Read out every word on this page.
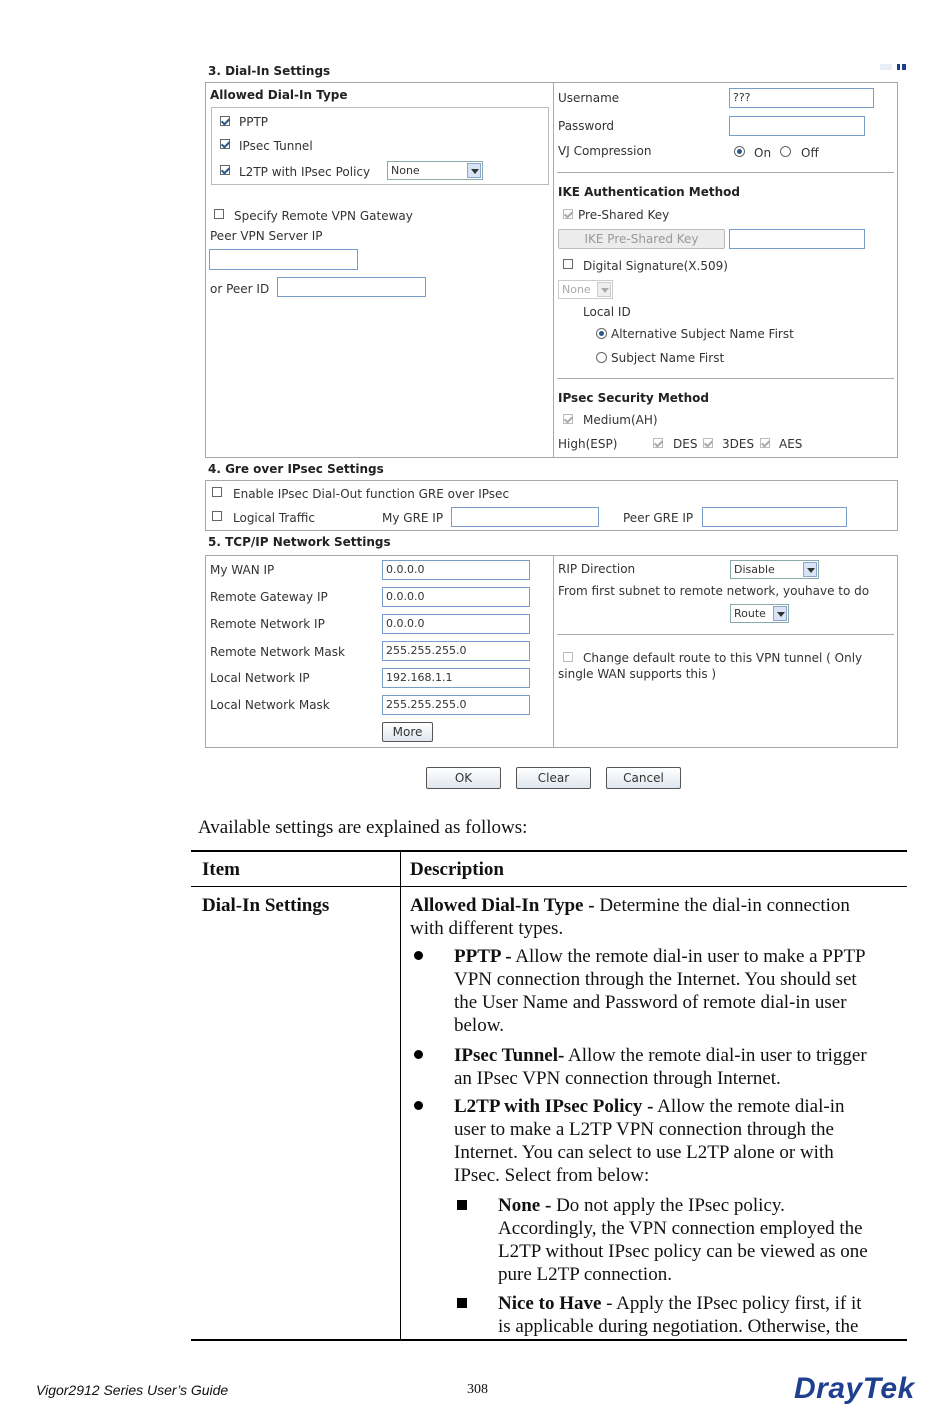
3. Dial-In Settings
Allowed Dial-In Type
PPTP
IPsec Tunnel
L2TP with IPsec Policy None
Specify Remote VPN Gateway
Peer VPN Server IP
or Peer ID
Username	???
Password
VJ Compression	On Off
IKE Authentication Method
Pre-Shared Key
IKE Pre-Shared Key
Digital Signature(X.509)
None
Local ID
Alternative Subject Name First
Subject Name First
IPsec Security Method
Medium(AH)
High(ESP)	DES 3DES AES
4. Gre over IPsec Settings
Enable IPsec Dial-Out function GRE over IPsec
Logical Traffic	My GRE IP	Peer GRE IP
5. TCP/IP Network Settings
My WAN IP	0.0.0.0
Remote Gateway IP	0.0.0.0
Remote Network IP	0.0.0.0
Remote Network Mask	255.255.255.0
Local Network IP	192.168.1.1
Local Network Mask	255.255.255.0
More
RIP Direction	Disable
From first subnet to remote network, youhave to do
Route
Change default route to this VPN tunnel ( Only
single WAN supports this )
OK	Clear	Cancel
Available settings are explained as follows:
Item	Description
Dial-In Settings	Allowed Dial-In Type - Determine the dial-in connection
with different types.
PPTP - Allow the remote dial-in user to make a PPTP
VPN connection through the Internet. You should set
the User Name and Password of remote dial-in user
below.
IPsec Tunnel- Allow the remote dial-in user to trigger
an IPsec VPN connection through Internet.
L2TP with IPsec Policy - Allow the remote dial-in
user to make a L2TP VPN connection through the
Internet. You can select to use L2TP alone or with
IPsec. Select from below:
None - Do not apply the IPsec policy.
Accordingly, the VPN connection employed the
L2TP without IPsec policy can be viewed as one
pure L2TP connection.
Nice to Have - Apply the IPsec policy first, if it
is applicable during negotiation. Otherwise, the
Vigor2912 Series User’s Guide	308	DrayTek
